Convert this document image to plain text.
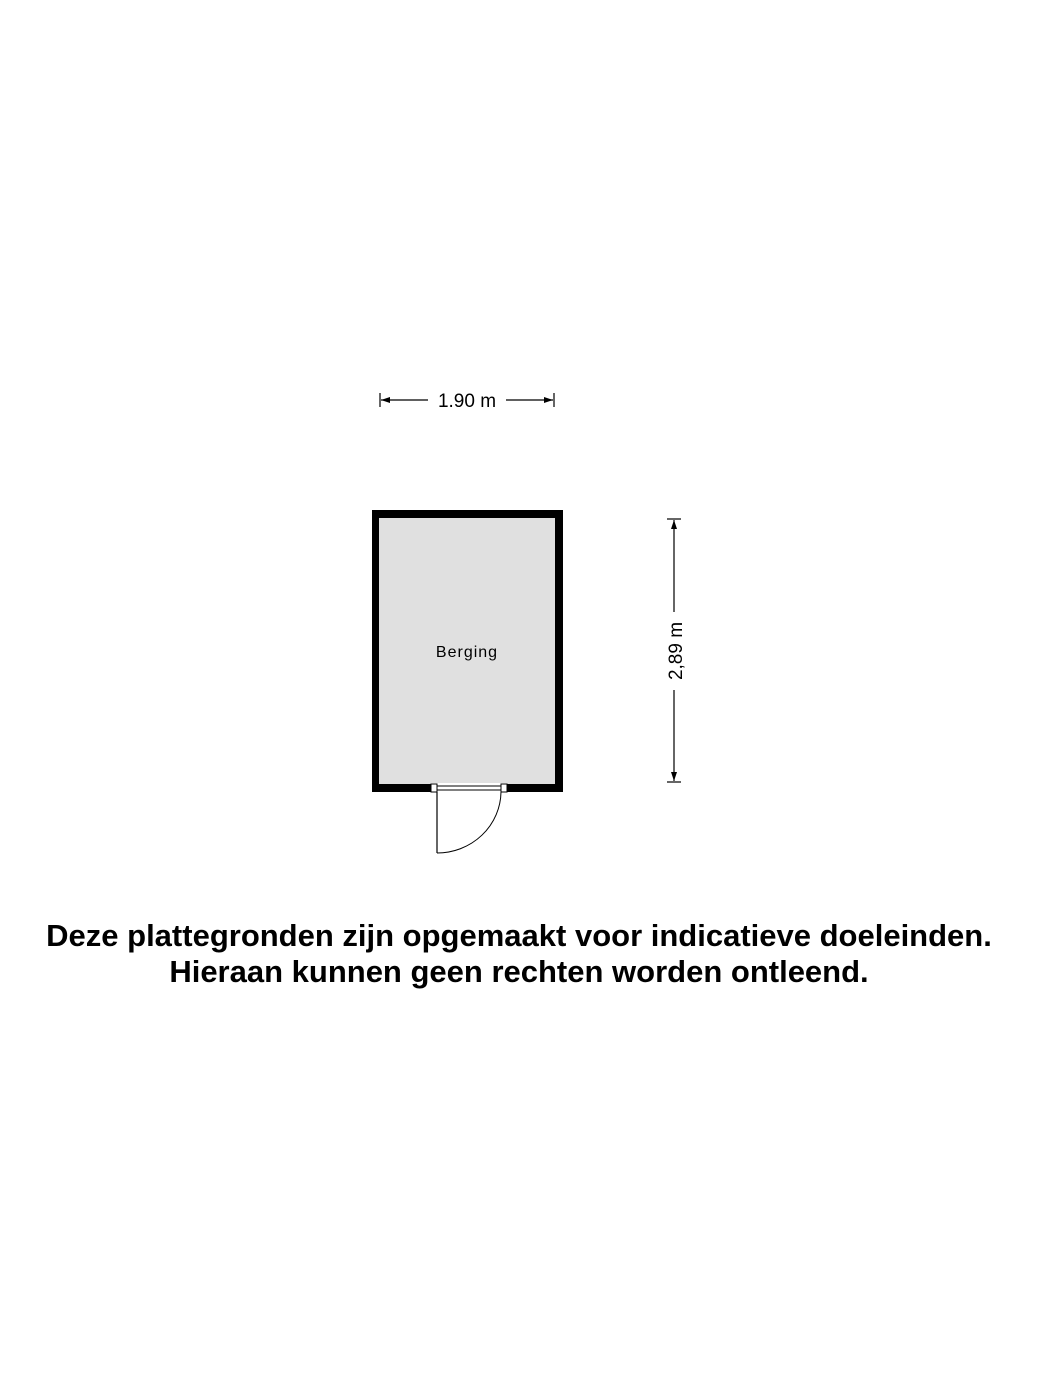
1.90 m
2,89 m
Berging
Deze plattegronden zijn opgemaakt voor indicatieve doeleinden.
Hieraan kunnen geen rechten worden ontleend.
